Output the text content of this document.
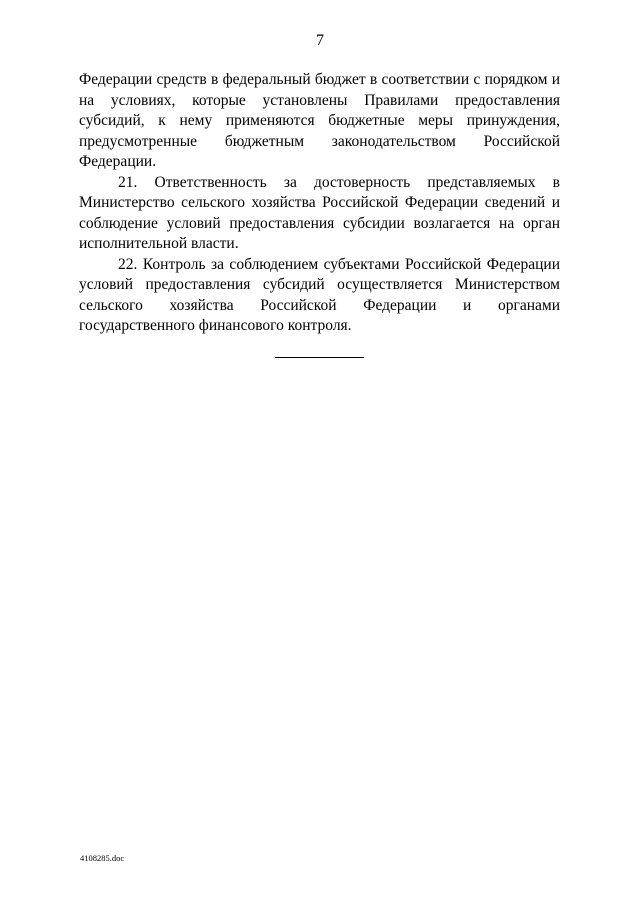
7

Федерации средств в федеральный бюджет в соответствии с порядком и на условиях, которые установлены Правилами предоставления субсидий, к нему применяются бюджетные меры принуждения, предусмотренные бюджетным законодательством Российской Федерации.

21. Ответственность за достоверность представляемых в Министерство сельского хозяйства Российской Федерации сведений и соблюдение условий предоставления субсидии возлагается на орган исполнительной власти.

22. Контроль за соблюдением субъектами Российской Федерации условий предоставления субсидий осуществляется Министерством сельского хозяйства Российской Федерации и органами государственного финансового контроля.

4108285.doc
